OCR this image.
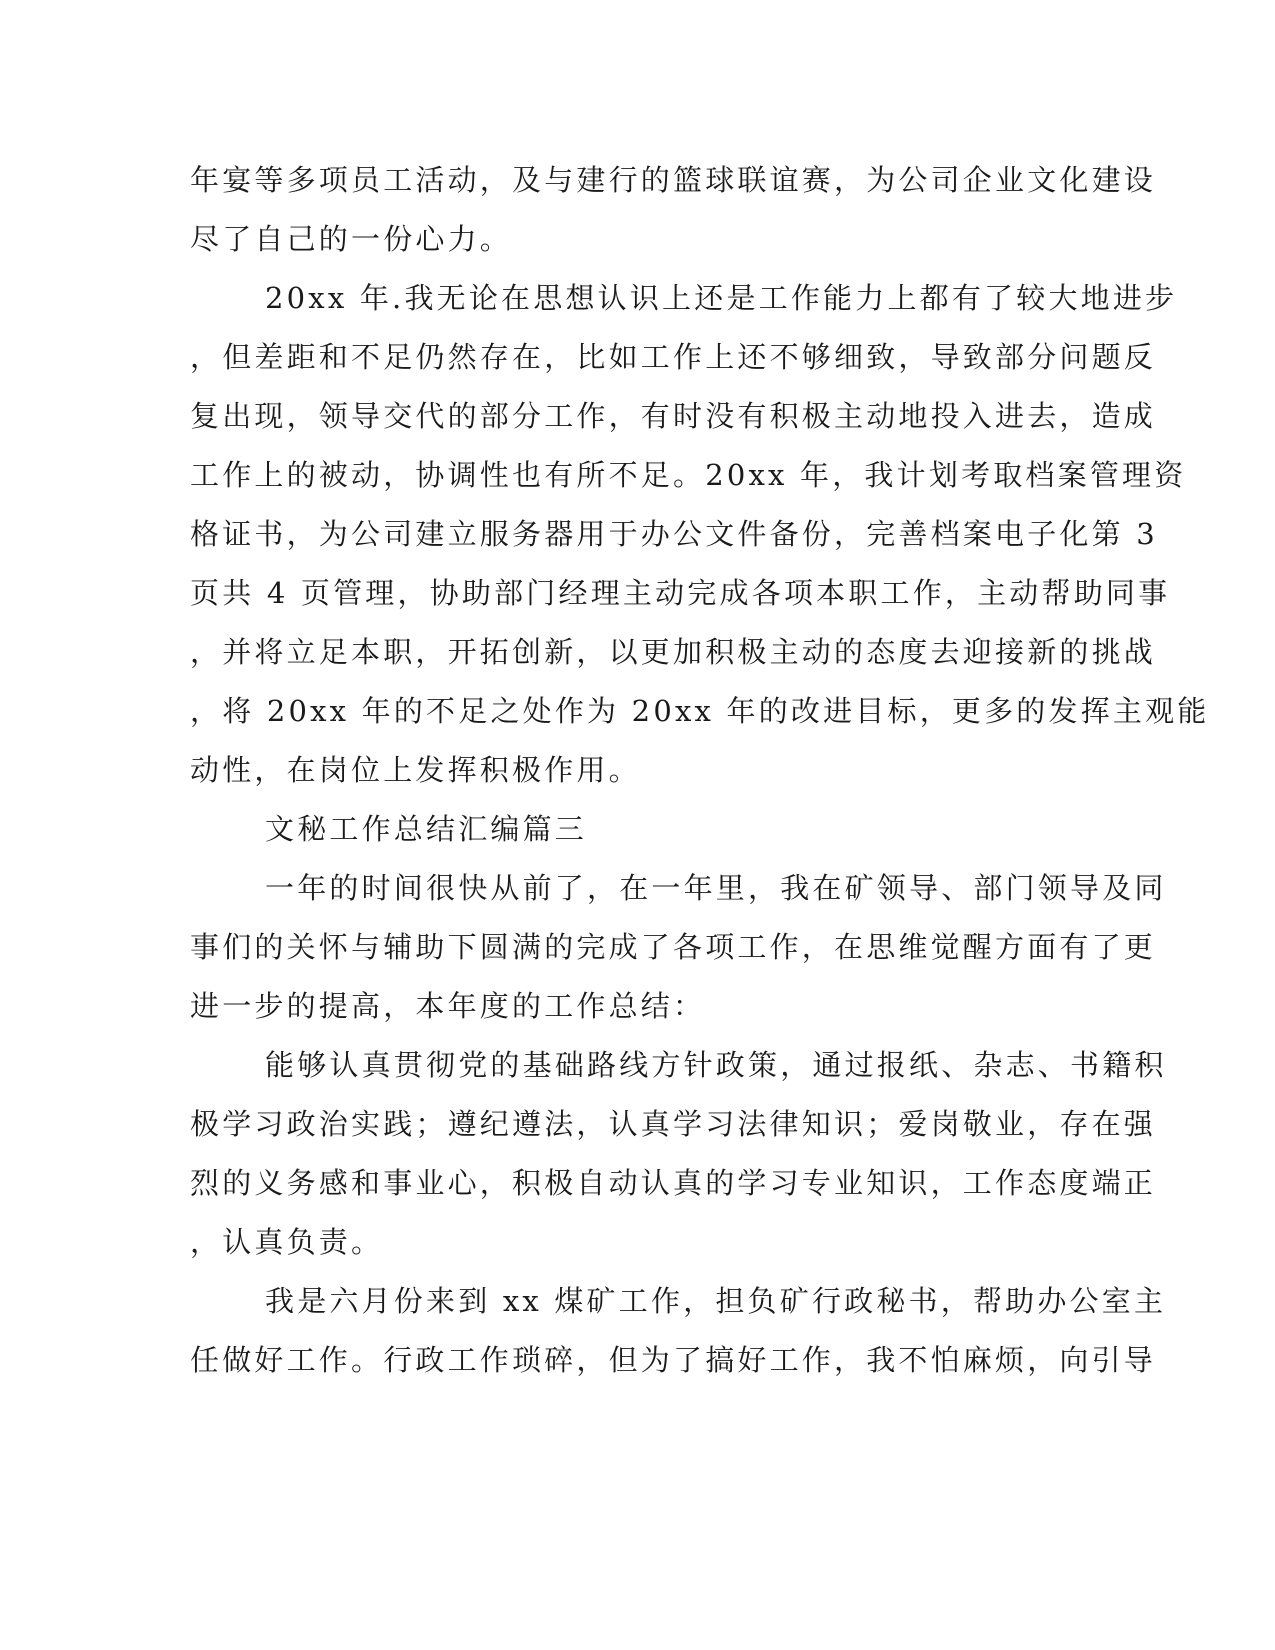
年宴等多项员工活动，及与建行的篮球联谊赛，为公司企业文化建设
尽了自己的一份心力。
20xx 年.我无论在思想认识上还是工作能力上都有了较大地进步
，但差距和不足仍然存在，比如工作上还不够细致，导致部分问题反
复出现，领导交代的部分工作，有时没有积极主动地投入进去，造成
工作上的被动，协调性也有所不足。20xx 年，我计划考取档案管理资
格证书，为公司建立服务器用于办公文件备份，完善档案电子化第 3
页共 4 页管理，协助部门经理主动完成各项本职工作，主动帮助同事
，并将立足本职，开拓创新，以更加积极主动的态度去迎接新的挑战
，将 20xx 年的不足之处作为 20xx 年的改进目标，更多的发挥主观能
动性，在岗位上发挥积极作用。
文秘工作总结汇编篇三
一年的时间很快从前了，在一年里，我在矿领导、部门领导及同
事们的关怀与辅助下圆满的完成了各项工作，在思维觉醒方面有了更
进一步的提高，本年度的工作总结：
能够认真贯彻党的基础路线方针政策，通过报纸、杂志、书籍积
极学习政治实践；遵纪遵法，认真学习法律知识；爱岗敬业，存在强
烈的义务感和事业心，积极自动认真的学习专业知识，工作态度端正
，认真负责。
我是六月份来到 xx 煤矿工作，担负矿行政秘书，帮助办公室主
任做好工作。行政工作琐碎，但为了搞好工作，我不怕麻烦，向引导
